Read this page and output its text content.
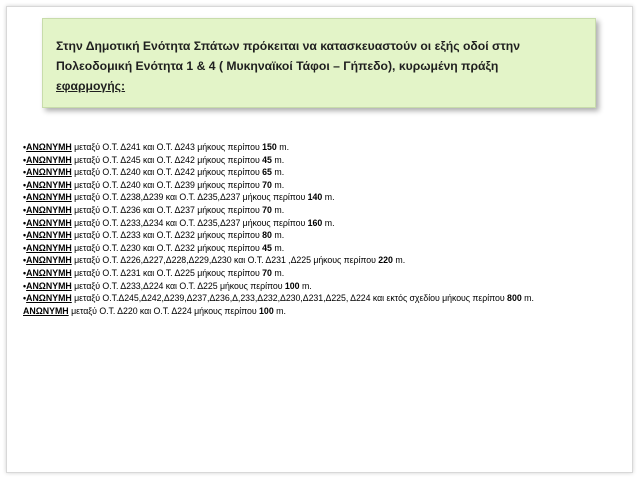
Στην Δημοτική Ενότητα Σπάτων πρόκειται να κατασκευαστούν οι εξής οδοί στην
Πολεοδομική Ενότητα 1 & 4 ( Μυκηναϊκοί Τάφοι – Γήπεδο), κυρωμένη πράξη
εφαρμογής:

•ΑΝΩΝΥΜΗ μεταξύ Ο.Τ. Δ241 και Ο.Τ. Δ243 μήκους περίπου 150 m.
•ΑΝΩΝΥΜΗ μεταξύ Ο.Τ. Δ245 και Ο.Τ. Δ242 μήκους περίπου 45 m.
•ΑΝΩΝΥΜΗ μεταξύ Ο.Τ. Δ240 και Ο.Τ. Δ242 μήκους περίπου 65 m.
•ΑΝΩΝΥΜΗ μεταξύ Ο.Τ. Δ240 και Ο.Τ. Δ239 μήκους περίπου 70 m.
•ΑΝΩΝΥΜΗ μεταξύ Ο.Τ. Δ238,Δ239 και Ο.Τ. Δ235,Δ237 μήκους περίπου 140 m.
•ΑΝΩΝΥΜΗ μεταξύ Ο.Τ. Δ236 και Ο.Τ. Δ237 μήκους περίπου 70 m.
•ΑΝΩΝΥΜΗ μεταξύ Ο.Τ. Δ233,Δ234 και Ο.Τ. Δ235,Δ237 μήκους περίπου 160 m.
•ΑΝΩΝΥΜΗ μεταξύ Ο.Τ. Δ233 και Ο.Τ. Δ232 μήκους περίπου 80 m.
•ΑΝΩΝΥΜΗ μεταξύ Ο.Τ. Δ230 και Ο.Τ. Δ232 μήκους περίπου 45 m.
•ΑΝΩΝΥΜΗ μεταξύ Ο.Τ. Δ226,Δ227,Δ228,Δ229,Δ230 και Ο.Τ. Δ231 ,Δ225 μήκους περίπου 220 m.
•ΑΝΩΝΥΜΗ μεταξύ Ο.Τ. Δ231 και Ο.Τ. Δ225 μήκους περίπου 70 m.
•ΑΝΩΝΥΜΗ μεταξύ Ο.Τ. Δ233,Δ224 και Ο.Τ. Δ225 μήκους περίπου 100 m.
•ΑΝΩΝΥΜΗ μεταξύ Ο.Τ.Δ245,Δ242,Δ239,Δ237,Δ236,Δ,233,Δ232,Δ230,Δ231,Δ225, Δ224 και εκτός σχεδίου μήκους περίπου 800 m.
ΑΝΩΝΥΜΗ μεταξύ Ο.Τ. Δ220 και Ο.Τ. Δ224 μήκους περίπου 100 m.
